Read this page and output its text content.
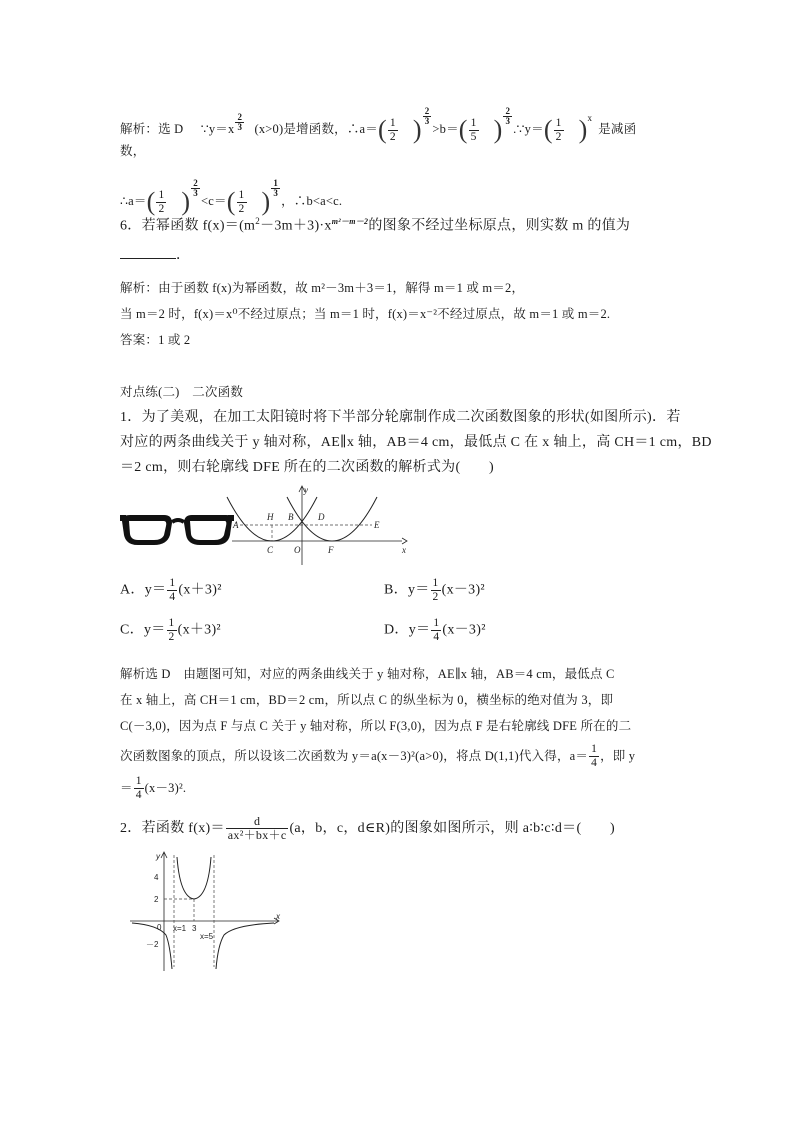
解析：选 D ∵y＝x $\frac{2}{3} (x>0)$是增函数，∴a＝( $\frac{1}{2}$ ) $\frac{2}{3}$
$>b=( \frac{1}{5}$ ) $\frac{2}{3}$
.∵y＝( $\frac{1}{2} )^x$是减函
数，
∴a＝( $\frac{1}{2}$ ) $\frac{2}{3}$
$<c=( \frac{1}{2}$ ) $\frac{1}{3}$
，∴b<a<c.
6．若幂函数 $f(x)=(m^2-3m+3)\cdot x^{m^2-m-2}$的图象不经过坐标原点，则实数 m 的值为
．
解析：由于函数 f(x)为幂函数，故 m²－3m＋3＝1，解得 m＝1 或 m＝2，
当 m＝2 时，f(x)＝x⁰不经过原点；当 m＝1 时，f(x)＝x⁻²不经过原点，故 m＝1 或 m＝2.
答案：1 或 2
对点练(二)　二次函数
1．为了美观，在加工太阳镜时将下半部分轮廓制作成二次函数图象的形状(如图所示)．若
对应的两条曲线关于 y 轴对称，AE∥x 轴，AB＝4 cm，最低点 C 在 x 轴上，高 CH＝1 cm，BD
＝2 cm，则右轮廓线 DFE 所在的二次函数的解析式为(　　)
y
x
A
H B	D
E
C O	F
A．$y= \frac{1}{4} (x+3)^2$	B．$y= \frac{1}{2} (x-3)^2$
C．$y= \frac{1}{2} (x+3)^2$	D．$y= \frac{1}{4} (x-3)^2$
解析选 D　由题图可知，对应的两条曲线关于 y 轴对称，AE∥x 轴，AB＝4 cm，最低点 C
在 x 轴上，高 CH＝1 cm，BD＝2 cm，所以点 C 的纵坐标为 0，横坐标的绝对值为 3，即
C(－3,0)，因为点 F 与点 C 关于 y 轴对称，所以 F(3,0)，因为点 F 是右轮廓线 DFE 所在的二
次函数图象的顶点，所以设该二次函数为 y＝a(x－3)²(a>0)，将点 D(1,1)代入得，$a= \frac{1}{4}$ ，即 y
＝ $\frac{1}{4} (x-3)^2$.
2．若函数 $f(x)= \frac{d}{\text{ax²＋bx＋c}} (a$，b，c，d∈R)的图象如图所示，则 a∶b∶c∶d＝(　　)
y
x
4
2
0
－2
x=1 3
x=5
